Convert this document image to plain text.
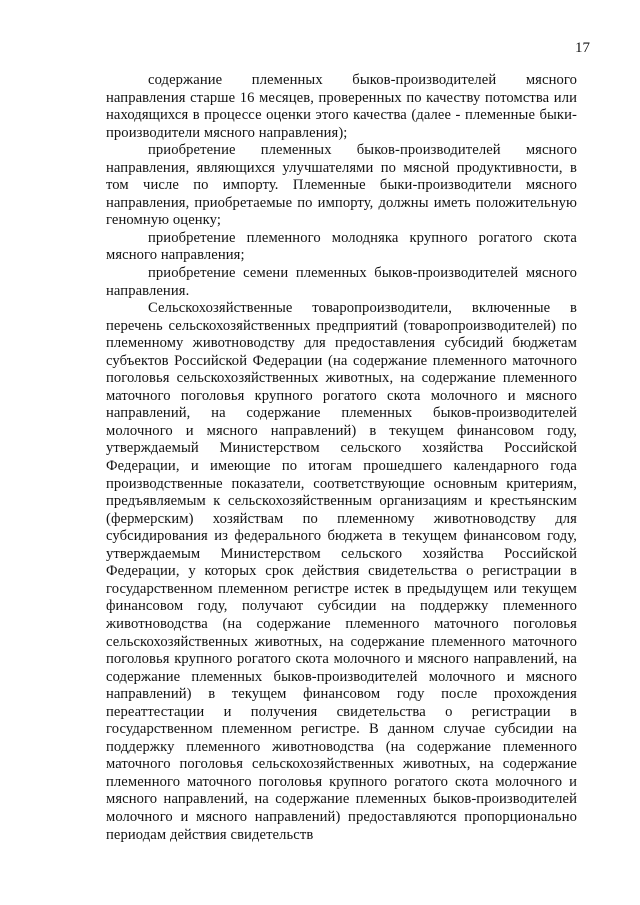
17

содержание племенных быков-производителей мясного направления старше 16 месяцев, проверенных по качеству потомства или находящихся в процессе оценки этого качества (далее - племенные быки-производители мясного направления);

приобретение племенных быков-производителей мясного направления, являющихся улучшателями по мясной продуктивности, в том числе по импорту. Племенные быки-производители мясного направления, приобретаемые по импорту, должны иметь положительную геномную оценку;

приобретение племенного молодняка крупного рогатого скота мясного направления;

приобретение семени племенных быков-производителей мясного направления.

Сельскохозяйственные товаропроизводители, включенные в перечень сельскохозяйственных предприятий (товаропроизводителей) по племенному животноводству для предоставления субсидий бюджетам субъектов Российской Федерации (на содержание племенного маточного поголовья сельскохозяйственных животных, на содержание племенного маточного поголовья крупного рогатого скота молочного и мясного направлений, на содержание племенных быков-производителей молочного и мясного направлений) в текущем финансовом году, утверждаемый Министерством сельского хозяйства Российской Федерации, и имеющие по итогам прошедшего календарного года производственные показатели, соответствующие основным критериям, предъявляемым к сельскохозяйственным организациям и крестьянским (фермерским) хозяйствам по племенному животноводству для субсидирования из федерального бюджета в текущем финансовом году, утверждаемым Министерством сельского хозяйства Российской Федерации, у которых срок действия свидетельства о регистрации в государственном племенном регистре истек в предыдущем или текущем финансовом году, получают субсидии на поддержку племенного животноводства (на содержание племенного маточного поголовья сельскохозяйственных животных, на содержание племенного маточного поголовья крупного рогатого скота молочного и мясного направлений, на содержание племенных быков-производителей молочного и мясного направлений) в текущем финансовом году после прохождения переаттестации и получения свидетельства о регистрации в государственном племенном регистре. В данном случае субсидии на поддержку племенного животноводства (на содержание племенного маточного поголовья сельскохозяйственных животных, на содержание племенного маточного поголовья крупного рогатого скота молочного и мясного направлений, на содержание племенных быков-производителей молочного и мясного направлений) предоставляются пропорционально периодам действия свидетельств
